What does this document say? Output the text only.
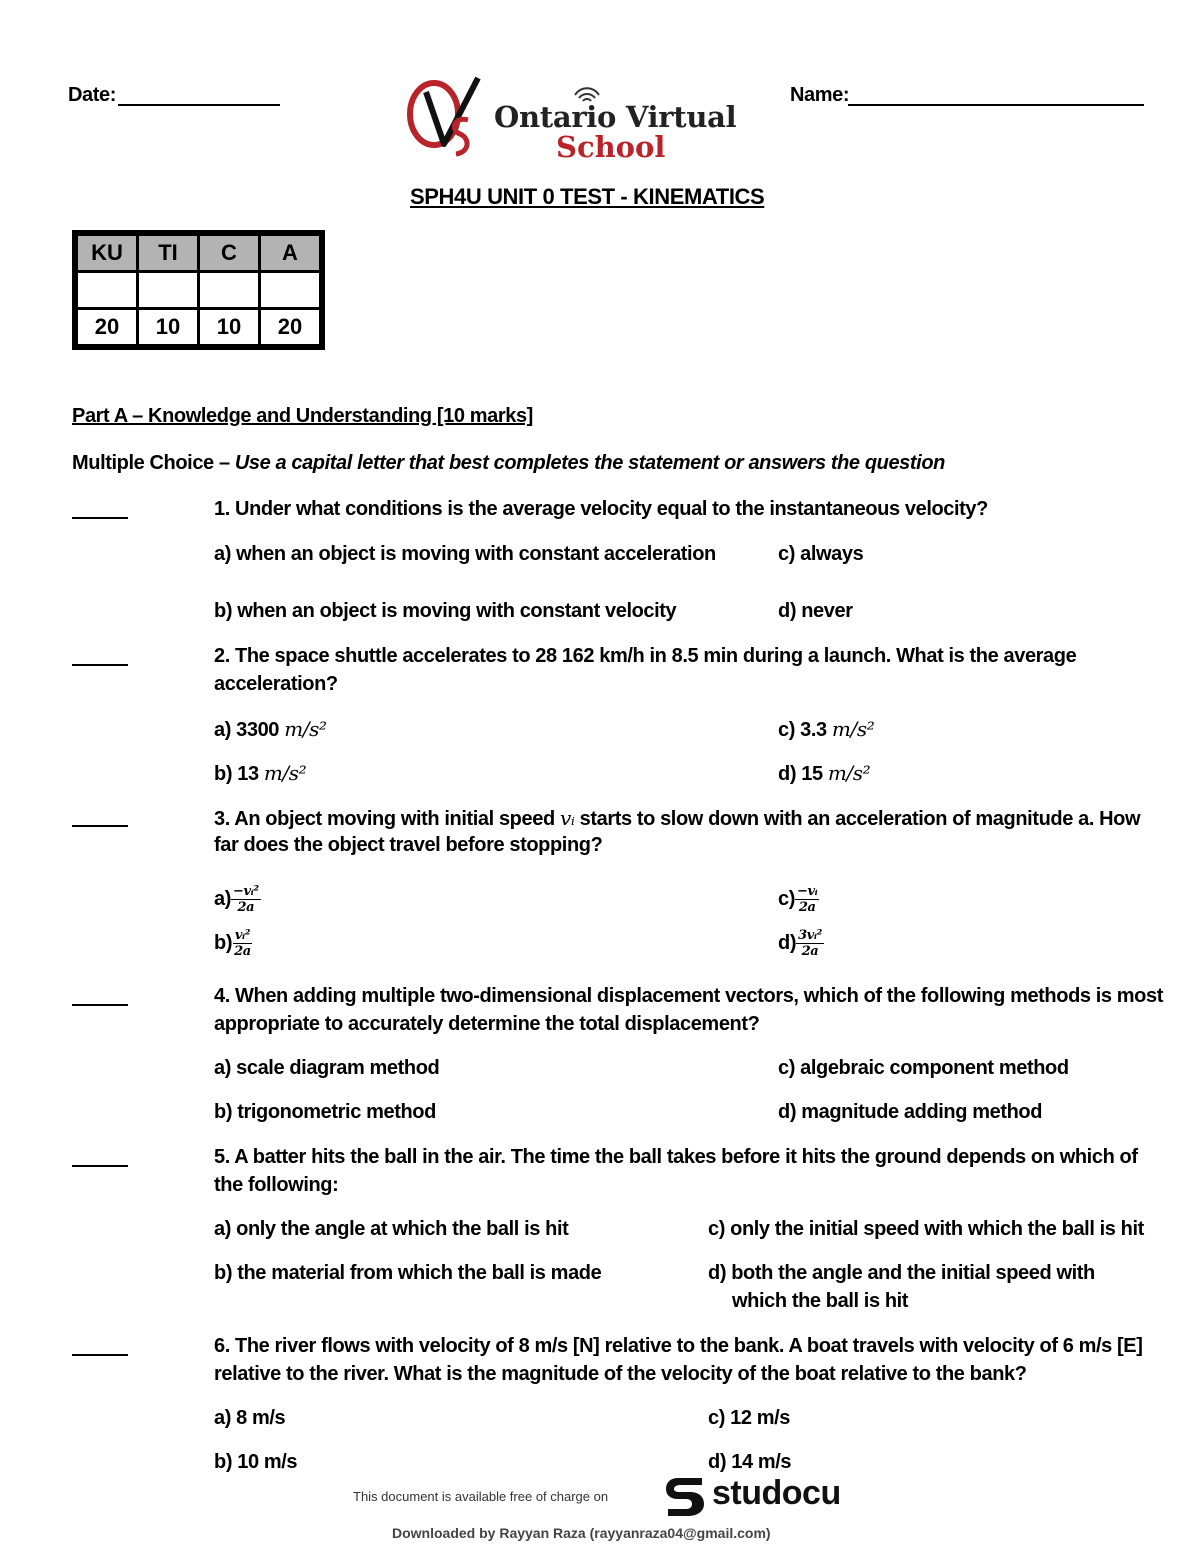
Date:	Name:
Ontario Virtual
School
SPH4U UNIT 0 TEST - KINEMATICS
KU	TI	C	A

20	10	10	20
Part A – Knowledge and Understanding [10 marks]
Multiple Choice – Use a capital letter that best completes the statement or answers the question
1. Under what conditions is the average velocity equal to the instantaneous velocity?
a) when an object is moving with constant acceleration	c) always
b) when an object is moving with constant velocity	d) never
2. The space shuttle accelerates to 28 162 km/h in 8.5 min during a launch. What is the average
acceleration?
a) 3300 m/s²	c) 3.3 m/s²
b) 13 m/s²	d) 15 m/s²
3. An object moving with initial speed vᵢ starts to slow down with an acceleration of magnitude a. How
far does the object travel before stopping?
$a) \frac{\text{−vᵢ²}}{2a}$
$b) \frac{\text{vᵢ²}}{2a}$
$c) \frac{\text{−vᵢ}}{2a}$
$d) \frac{\text{3vᵢ²}}{2a}$
4. When adding multiple two-dimensional displacement vectors, which of the following methods is most
appropriate to accurately determine the total displacement?
a) scale diagram method	c) algebraic component method
b) trigonometric method	d) magnitude adding method
5. A batter hits the ball in the air. The time the ball takes before it hits the ground depends on which of
the following:
a) only the angle at which the ball is hit	c) only the initial speed with which the ball is hit
b) the material from which the ball is made	d) both the angle and the initial speed with
which the ball is hit
6. The river flows with velocity of 8 m/s [N] relative to the bank. A boat travels with velocity of 6 m/s [E]
relative to the river. What is the magnitude of the velocity of the boat relative to the bank?
a) 8 m/s	c) 12 m/s
b) 10 m/s	d) 14 m/s
This document is available free of charge on	studocu
Downloaded by Rayyan Raza (rayyanraza04@gmail.com)
